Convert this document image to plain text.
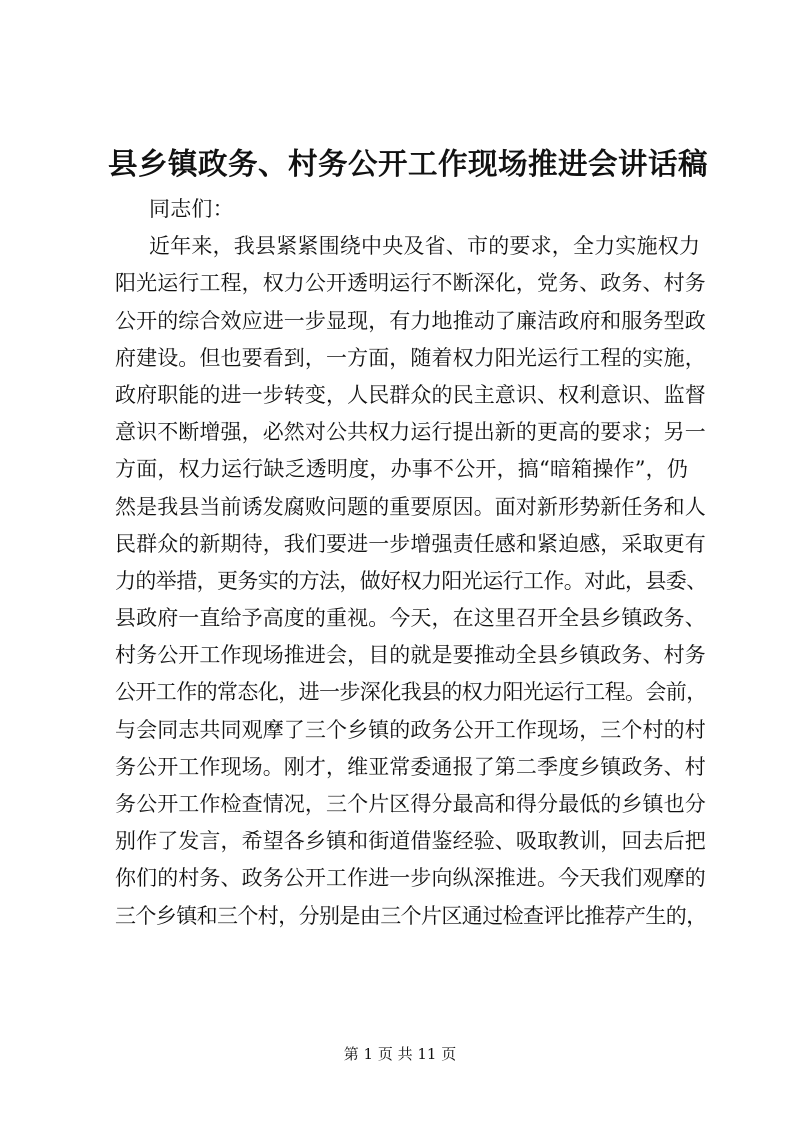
县乡镇政务、村务公开工作现场推进会讲话稿
同志们：
近年来，我县紧紧围绕中央及省、市的要求，全力实施权力
阳光运行工程，权力公开透明运行不断深化，党务、政务、村务
公开的综合效应进一步显现，有力地推动了廉洁政府和服务型政
府建设。但也要看到，一方面，随着权力阳光运行工程的实施，
政府职能的进一步转变，人民群众的民主意识、权利意识、监督
意识不断增强，必然对公共权力运行提出新的更高的要求；另一
方面，权力运行缺乏透明度，办事不公开，搞“暗箱操作”，仍
然是我县当前诱发腐败问题的重要原因。面对新形势新任务和人
民群众的新期待，我们要进一步增强责任感和紧迫感，采取更有
力的举措，更务实的方法，做好权力阳光运行工作。对此，县委、
县政府一直给予高度的重视。今天，在这里召开全县乡镇政务、
村务公开工作现场推进会，目的就是要推动全县乡镇政务、村务
公开工作的常态化，进一步深化我县的权力阳光运行工程。会前，
与会同志共同观摩了三个乡镇的政务公开工作现场，三个村的村
务公开工作现场。刚才，维亚常委通报了第二季度乡镇政务、村
务公开工作检查情况，三个片区得分最高和得分最低的乡镇也分
别作了发言，希望各乡镇和街道借鉴经验、吸取教训，回去后把
你们的村务、政务公开工作进一步向纵深推进。今天我们观摩的
三个乡镇和三个村，分别是由三个片区通过检查评比推荐产生的，
第 1 页 共 11 页
